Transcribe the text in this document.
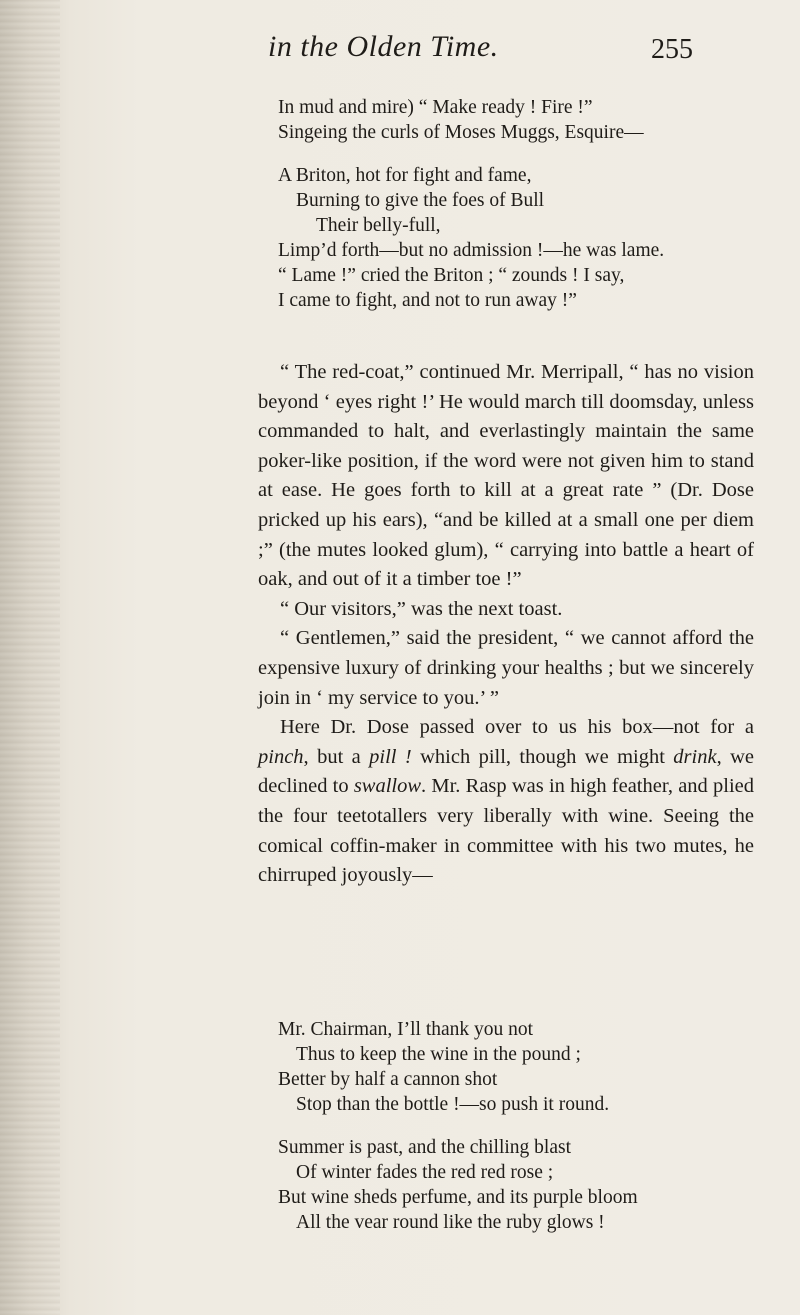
in the Olden Time.	255
In mud and mire) “ Make ready ! Fire !”
Singeing the curls of Moses Muggs, Esquire—
A Briton, hot for fight and fame,
Burning to give the foes of Bull
Their belly-full,
Limp’d forth—but no admission !—he was lame.
“ Lame !” cried the Briton ; “ zounds ! I say,
I came to fight, and not to run away !”

“ The red-coat,” continued Mr. Merripall, “ has no vision beyond ‘ eyes right !’ He would march till doomsday, unless commanded to halt, and everlastingly maintain the same poker-like position, if the word were not given him to stand at ease. He goes forth to kill at a great rate ” (Dr. Dose pricked up his ears), “and be killed at a small one per diem ;” (the mutes looked glum), “ carrying into battle a heart of oak, and out of it a timber toe !”

“ Our visitors,” was the next toast.

“ Gentlemen,” said the president, “ we cannot afford the expensive luxury of drinking your healths ; but we sincerely join in ‘ my service to you.’ ”

Here Dr. Dose passed over to us his box—not for a pinch, but a pill ! which pill, though we might drink, we declined to swallow. Mr. Rasp was in high feather, and plied the four teetotallers very liberally with wine. Seeing the comical coffin-maker in committee with his two mutes, he chirruped joyously—

Mr. Chairman, I’ll thank you not
Thus to keep the wine in the pound ;
Better by half a cannon shot
Stop than the bottle !—so push it round.
Summer is past, and the chilling blast
Of winter fades the red red rose ;
But wine sheds perfume, and its purple bloom
All the vear round like the ruby glows !
